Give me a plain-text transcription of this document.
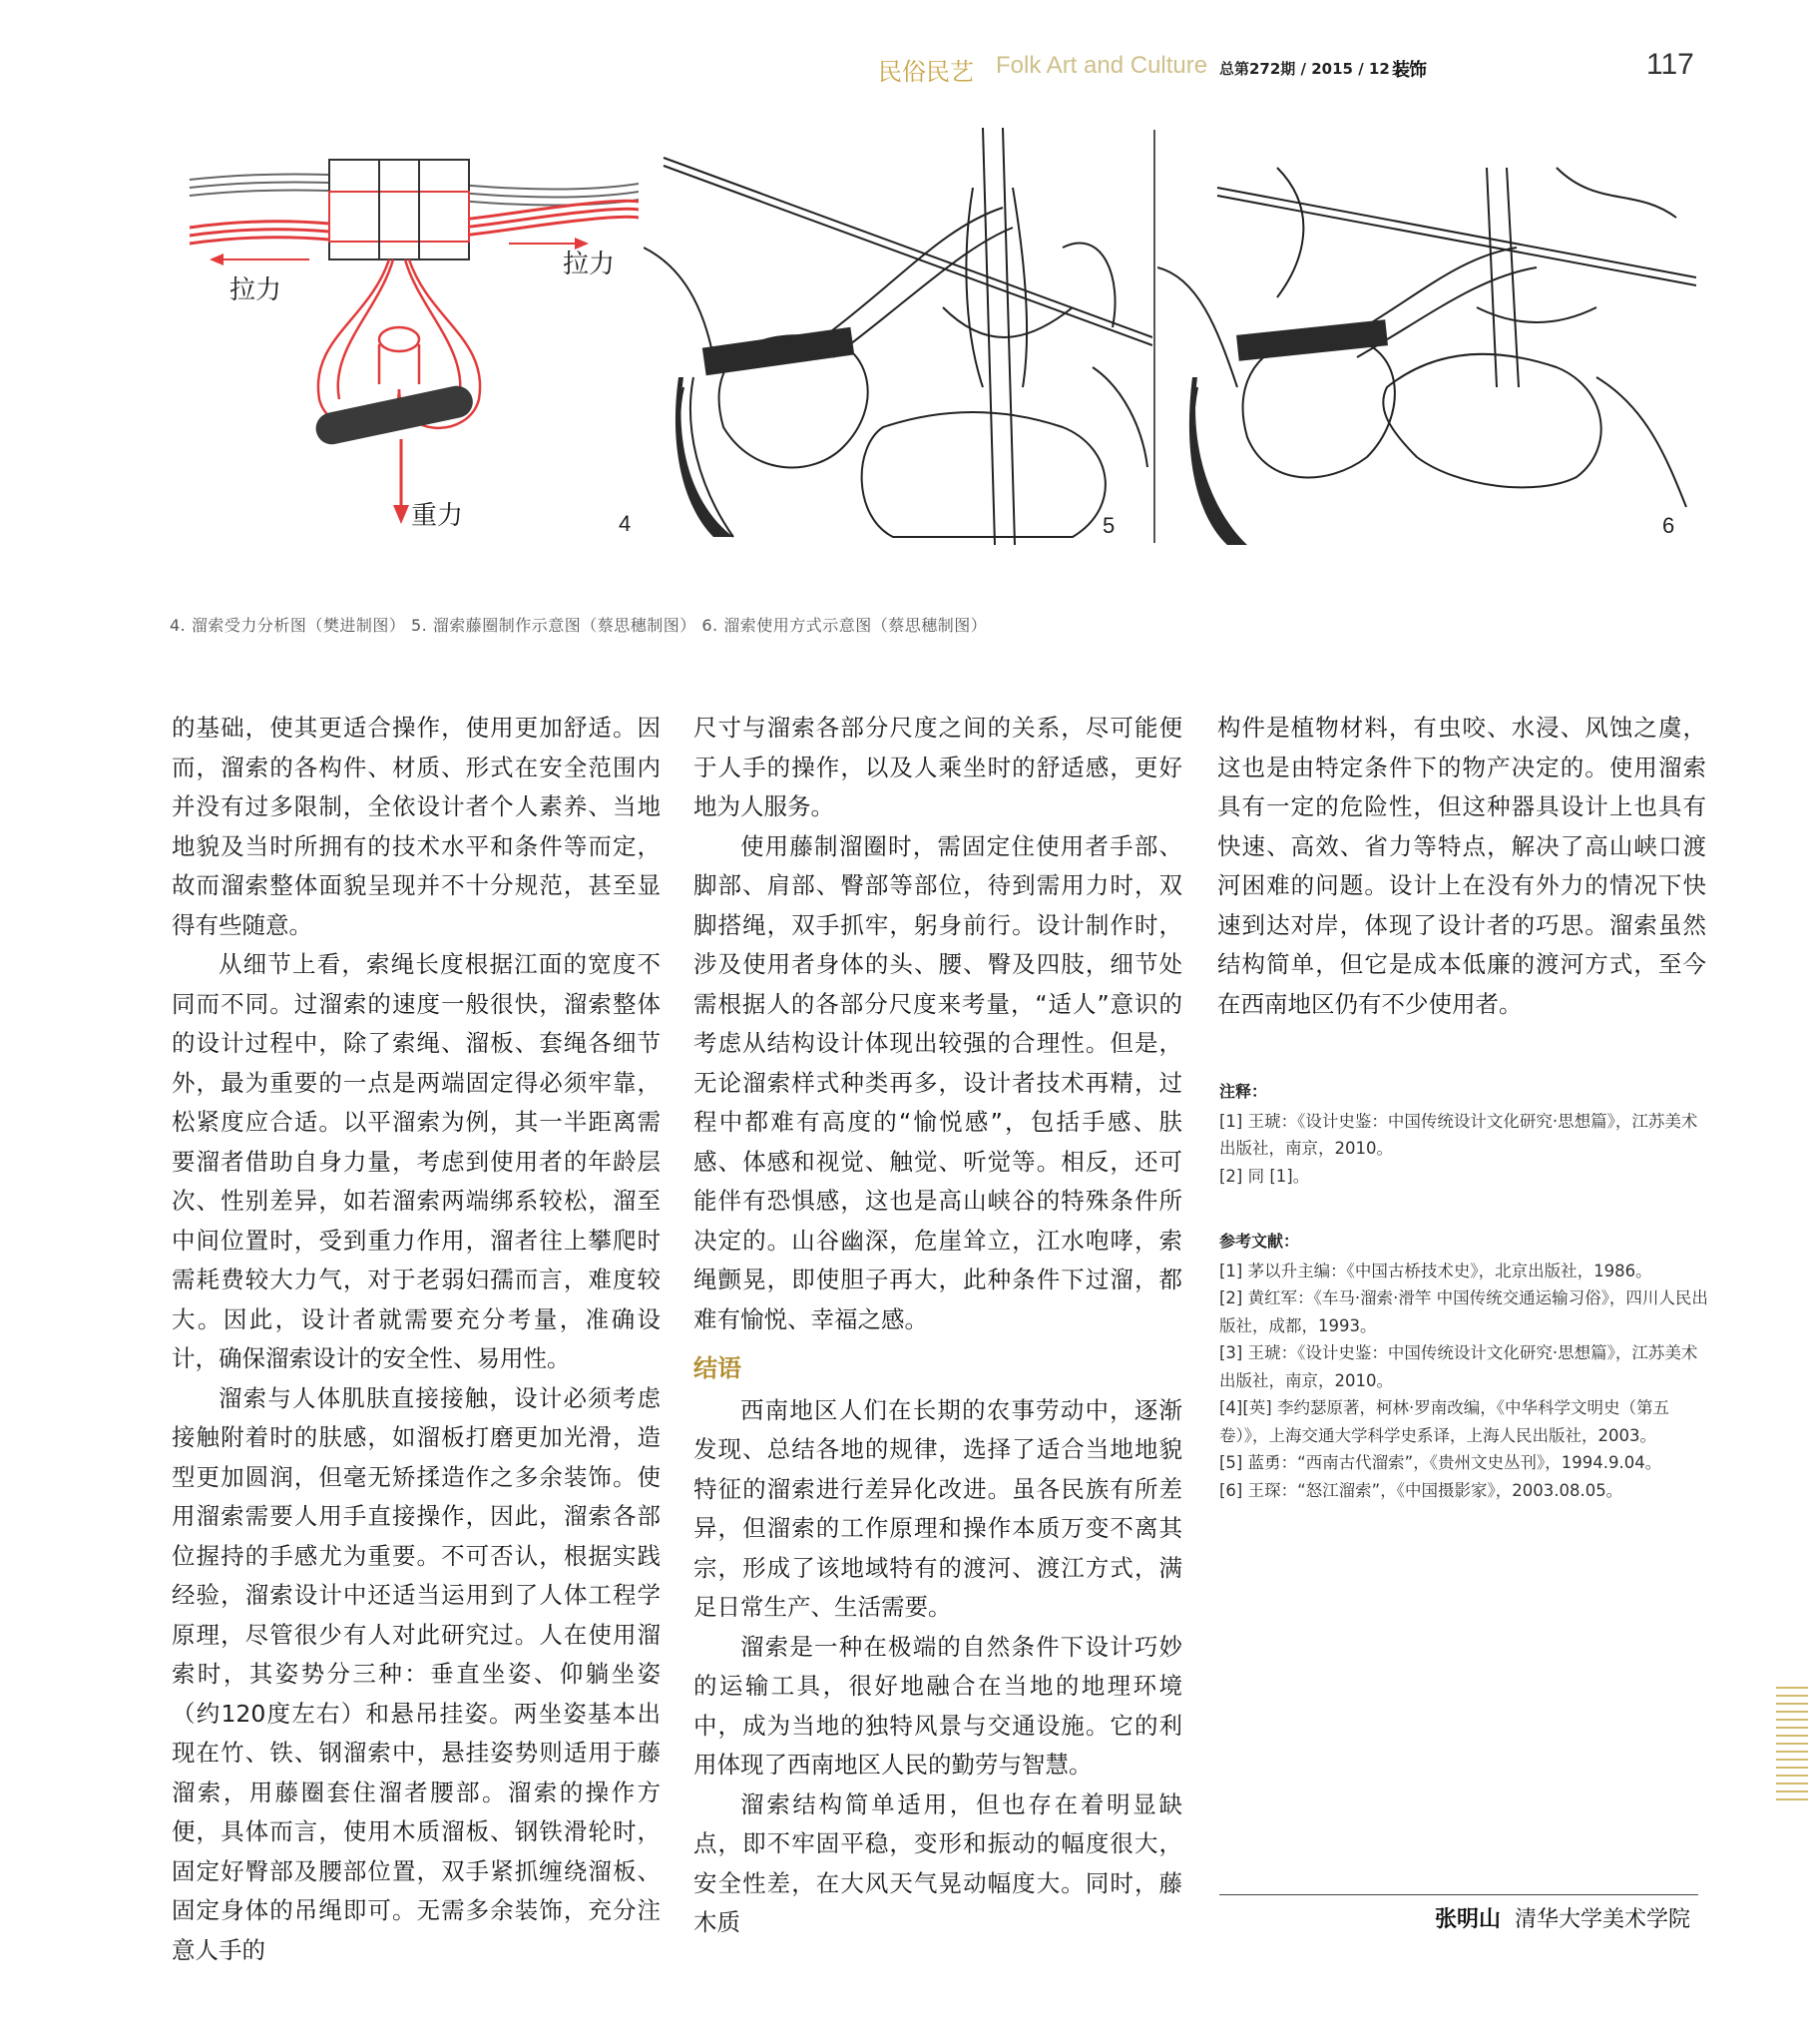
民俗民艺 Folk Art and Culture 总第272期 / 2015 / 12 /
装饰	117
拉力
拉力
重力	4	5	6
4. 溜索受力分析图（樊进制图） 5. 溜索藤圈制作示意图（蔡思穗制图） 6. 溜索使用方式示意图（蔡思穗制图）

的基础，使其更适合操作，使用更加舒适。因而，溜索的各构件、材质、形式在安全范围内并没有过多限制，全依设计者个人素养、当地地貌及当时所拥有的技术水平和条件等而定，故而溜索整体面貌呈现并不十分规范，甚至显得有些随意。

从细节上看，索绳长度根据江面的宽度不同而不同。过溜索的速度一般很快，溜索整体的设计过程中，除了索绳、溜板、套绳各细节外，最为重要的一点是两端固定得必须牢靠，松紧度应合适。以平溜索为例，其一半距离需要溜者借助自身力量，考虑到使用者的年龄层次、性别差异，如若溜索两端绑系较松，溜至中间位置时，受到重力作用，溜者往上攀爬时需耗费较大力气，对于老弱妇孺而言，难度较大。因此，设计者就需要充分考量，准确设计，确保溜索设计的安全性、易用性。

溜索与人体肌肤直接接触，设计必须考虑接触附着时的肤感，如溜板打磨更加光滑，造型更加圆润，但毫无矫揉造作之多余装饰。使用溜索需要人用手直接操作，因此，溜索各部位握持的手感尤为重要。不可否认，根据实践经验，溜索设计中还适当运用到了人体工程学原理，尽管很少有人对此研究过。人在使用溜索时，其姿势分三种：垂直坐姿、仰躺坐姿（约120度左右）和悬吊挂姿。两坐姿基本出现在竹、铁、钢溜索中，悬挂姿势则适用于藤溜索，用藤圈套住溜者腰部。溜索的操作方便，具体而言，使用木质溜板、钢铁滑轮时，固定好臀部及腰部位置，双手紧抓缠绕溜板、固定身体的吊绳即可。无需多余装饰，充分注意人手的

尺寸与溜索各部分尺度之间的关系，尽可能便于人手的操作，以及人乘坐时的舒适感，更好地为人服务。

使用藤制溜圈时，需固定住使用者手部、脚部、肩部、臀部等部位，待到需用力时，双脚搭绳，双手抓牢，躬身前行。设计制作时，涉及使用者身体的头、腰、臀及四肢，细节处需根据人的各部分尺度来考量，“适人”意识的考虑从结构设计体现出较强的合理性。但是，无论溜索样式种类再多，设计者技术再精，过程中都难有高度的“愉悦感”，包括手感、肤感、体感和视觉、触觉、听觉等。相反，还可能伴有恐惧感，这也是高山峡谷的特殊条件所决定的。山谷幽深，危崖耸立，江水咆哮，索绳颤晃，即使胆子再大，此种条件下过溜，都难有愉悦、幸福之感。

结语

西南地区人们在长期的农事劳动中，逐渐发现、总结各地的规律，选择了适合当地地貌特征的溜索进行差异化改进。虽各民族有所差异，但溜索的工作原理和操作本质万变不离其宗，形成了该地域特有的渡河、渡江方式，满足日常生产、生活需要。

溜索是一种在极端的自然条件下设计巧妙的运输工具，很好地融合在当地的地理环境中，成为当地的独特风景与交通设施。它的利用体现了西南地区人民的勤劳与智慧。

溜索结构简单适用，但也存在着明显缺点，即不牢固平稳，变形和振动的幅度很大，安全性差，在大风天气晃动幅度大。同时，藤木质

构件是植物材料，有虫咬、水浸、风蚀之虞，这也是由特定条件下的物产决定的。使用溜索具有一定的危险性，但这种器具设计上也具有快速、高效、省力等特点，解决了高山峡口渡河困难的问题。设计上在没有外力的情况下快速到达对岸，体现了设计者的巧思。溜索虽然结构简单，但它是成本低廉的渡河方式，至今在西南地区仍有不少使用者。

注释：

[1] 王琥：《设计史鉴：中国传统设计文化研究·思想篇》，江苏美术出版社，南京，2010。

[2] 同 [1]。

参考文献：

[1] 茅以升主编：《中国古桥技术史》，北京出版社，1986。

[2] 黄红军：《车马·溜索·滑竿 中国传统交通运输习俗》，四川人民出版社，成都，1993。

[3] 王琥：《设计史鉴：中国传统设计文化研究·思想篇》，江苏美术出版社，南京，2010。

[4][英] 李约瑟原著，柯林·罗南改编，《中华科学文明史（第五卷）》，上海交通大学科学史系译，上海人民出版社，2003。

[5] 蓝勇：“西南古代溜索”，《贵州文史丛刊》，1994.9.04。

[6] 王琛：“怒江溜索”，《中国摄影家》，2003.08.05。

张明山 清华大学美术学院
